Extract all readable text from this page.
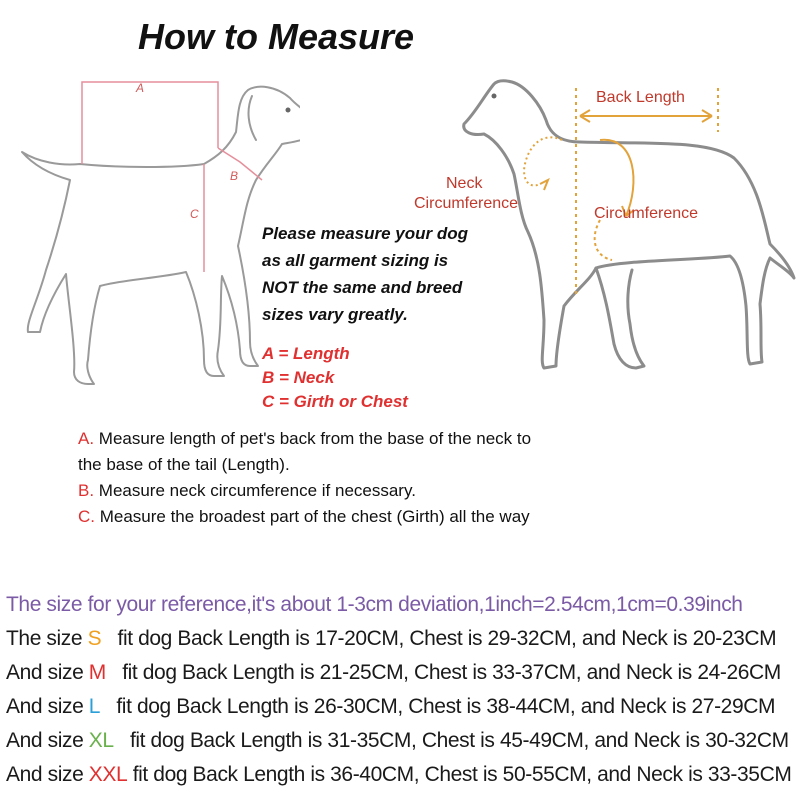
How to Measure
A
B
C
Back Length
Neck
Circumference
Circumference
Please measure your dog
as all garment sizing is
NOT the same and breed
sizes vary greatly.
A = Length
B = Neck
C = Girth or Chest
A. Measure length of pet's back from the base of the neck to
the base of the tail (Length).
B. Measure neck circumference if necessary.
C. Measure the broadest part of the chest (Girth) all the way
The size for your reference,it's about 1-3cm deviation,1inch=2.54cm,1cm=0.39inch
The size S fit dog Back Length is 17-20CM, Chest is 29-32CM, and Neck is 20-23CM
And size M fit dog Back Length is 21-25CM, Chest is 33-37CM, and Neck is 24-26CM
And size L fit dog Back Length is 26-30CM, Chest is 38-44CM, and Neck is 27-29CM
And size XL fit dog Back Length is 31-35CM, Chest is 45-49CM, and Neck is 30-32CM
And size XXL fit dog Back Length is 36-40CM, Chest is 50-55CM, and Neck is 33-35CM
